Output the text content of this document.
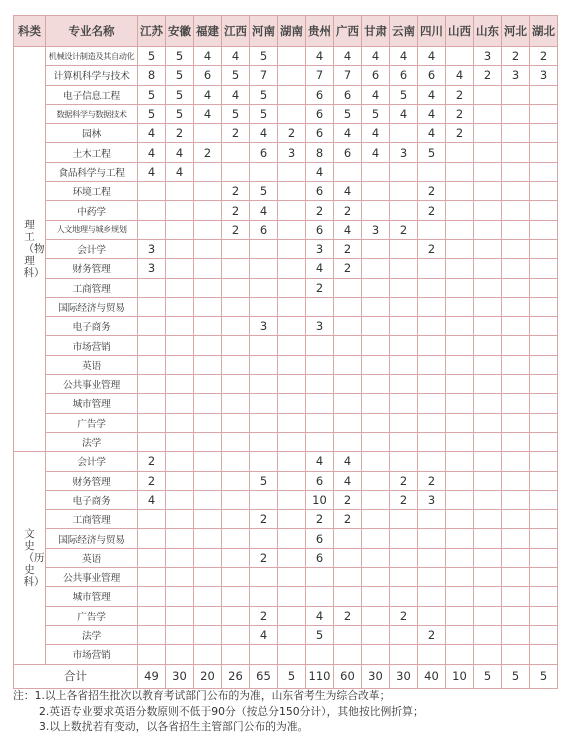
科类	专业名称	江苏	安徽	福建	江西	河南	湖南	贵州	广西	甘肃	云南	四川	山西	山东	河北	湖北
理工（物理科）	机械设计制造及其自动化	5	5	4	4	5		4	4	4	4	4		3	2	2
	计算机科学与技术	8	5	6	5	7		7	7	6	6	6	4	2	3	3
	电子信息工程	5	5	4	4	5		6	6	4	5	4	2			
	数据科学与数据技术	5	5	4	5	5		6	5	5	4	4	2			
	园林	4	2		2	4	2	6	4	4		4	2			
	土木工程	4	4	2		6	3	8	6	4	3	5				
	食品科学与工程	4	4					4								
	环境工程				2	5		6	4			2				
	中药学				2	4		2	2			2				
	人文地理与城乡规划				2	6		6	4	3	2					
	会计学	3						3	2			2				
	财务管理	3						4	2							
	工商管理							2								
	国际经济与贸易															
	电子商务					3		3								
	市场营销															
	英语															
	公共事业管理															
	城市管理															
	广告学															
	法学															
文史（历史科）	会计学	2						4	4							
	财务管理	2				5		6	4		2	2				
	电子商务	4						10	2		2	3				
	工商管理					2		2	2							
	国际经济与贸易							6								
	英语					2		6								
	公共事业管理															
	城市管理															
	广告学					2		4	2		2					
	法学					4		5				2				
	市场营销															
合计		49	30	20	26	65	5	110	60	30	30	40	10	5	5	5
注：1.以上各省招生批次以教育考试部门公布的为准，山东省考生为综合改革；
2.英语专业要求英语分数原则不低于90分（按总分150分计），其他按比例折算；
3.以上数扰若有变动，以各省招生主管部门公布的为准。
